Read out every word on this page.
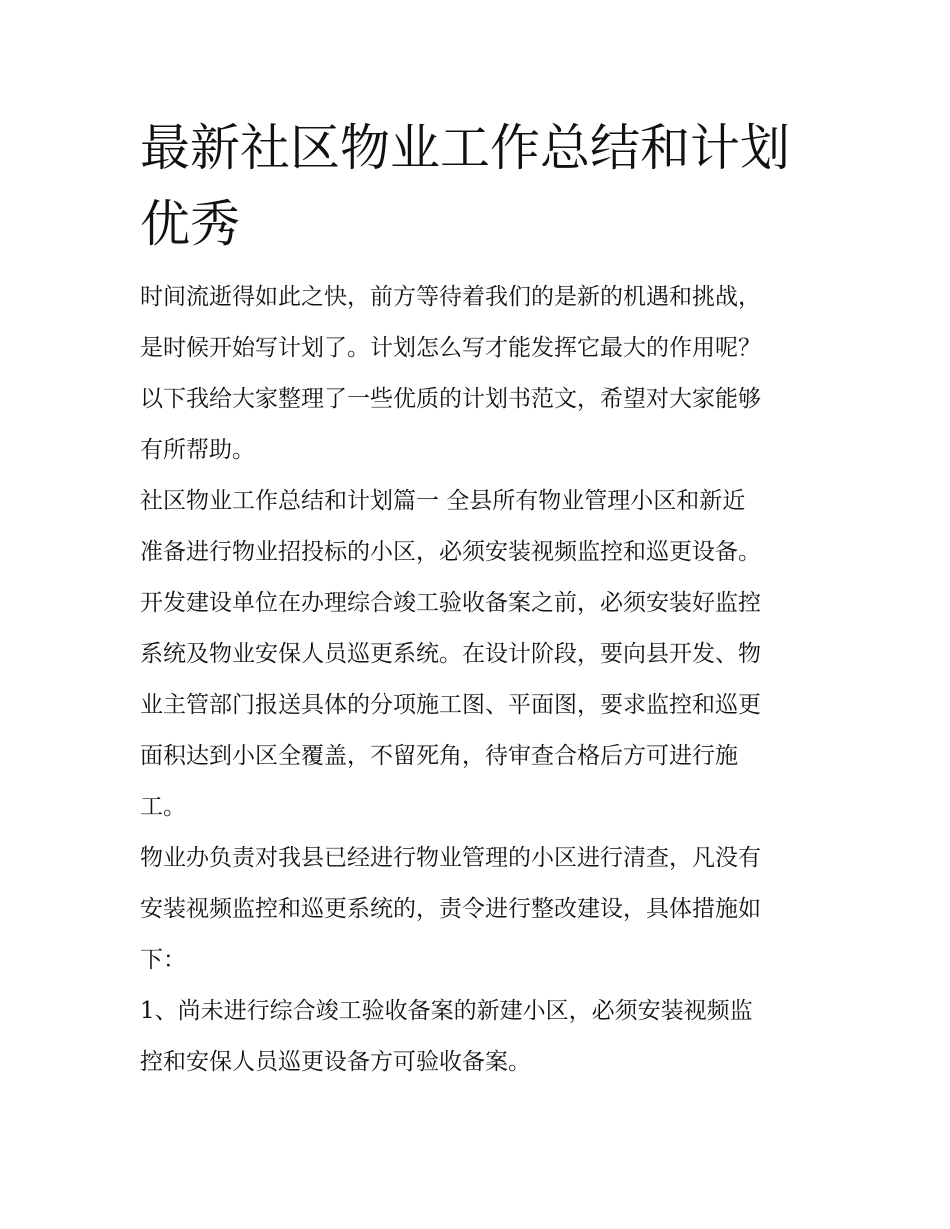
最新社区物业工作总结和计划
优秀

时间流逝得如此之快，前方等待着我们的是新的机遇和挑战，
是时候开始写计划了。计划怎么写才能发挥它最大的作用呢？
以下我给大家整理了一些优质的计划书范文，希望对大家能够
有所帮助。

社区物业工作总结和计划篇一 全县所有物业管理小区和新近
准备进行物业招投标的小区，必须安装视频监控和巡更设备。
开发建设单位在办理综合竣工验收备案之前，必须安装好监控
系统及物业安保人员巡更系统。在设计阶段，要向县开发、物
业主管部门报送具体的分项施工图、平面图，要求监控和巡更
面积达到小区全覆盖，不留死角，待审查合格后方可进行施
工。

物业办负责对我县已经进行物业管理的小区进行清查，凡没有
安装视频监控和巡更系统的，责令进行整改建设，具体措施如
下：

1、尚未进行综合竣工验收备案的新建小区，必须安装视频监
控和安保人员巡更设备方可验收备案。
